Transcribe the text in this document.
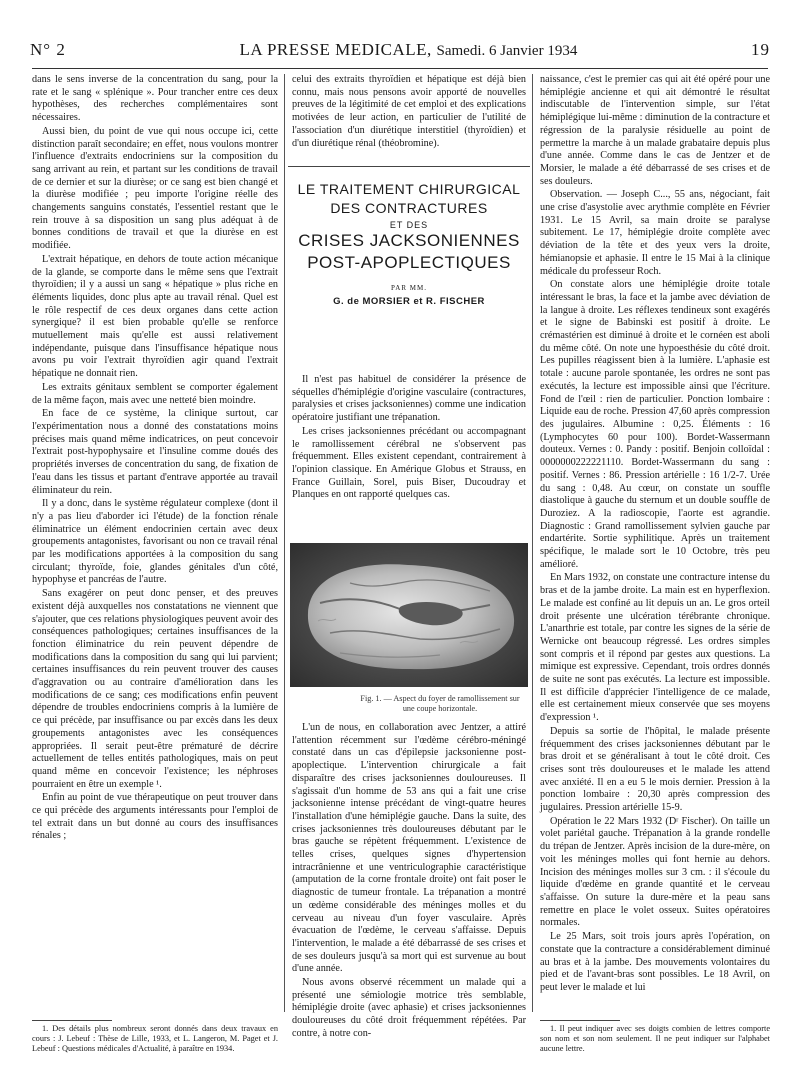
N° 2	LA PRESSE MEDICALE, Samedi. 6 Janvier 1934	19

dans le sens inverse de la concentration du sang, pour la rate et le sang « splénique ». Pour trancher entre ces deux hypothèses, des recherches complémentaires sont nécessaires.

Aussi bien, du point de vue qui nous occupe ici, cette distinction paraît secondaire; en effet, nous voulons montrer l'influence d'extraits endocriniens sur la composition du sang arrivant au rein, et partant sur les conditions de travail de ce dernier et sur la diurèse; or ce sang est bien changé et la diurèse modifiée ; peu importe l'origine réelle des changements sanguins constatés, l'essentiel restant que le rein trouve à sa disposition un sang plus adéquat à de bonnes conditions de travail et que la diurèse en est modifiée.

L'extrait hépatique, en dehors de toute action mécanique de la glande, se comporte dans le même sens que l'extrait thyroïdien; il y a aussi un sang « hépatique » plus riche en éléments liquides, donc plus apte au travail rénal. Quel est le rôle respectif de ces deux organes dans cette action synergique? il est bien probable qu'elle se renforce mutuellement mais qu'elle est aussi relativement indépendante, puisque dans l'insuffisance hépatique nous avons pu voir l'extrait thyroïdien agir quand l'extrait hépatique ne donnait rien.

Les extraits génitaux semblent se comporter également de la même façon, mais avec une netteté bien moindre.

En face de ce système, la clinique surtout, car l'expérimentation nous a donné des constatations moins précises mais quand même indicatrices, on peut concevoir l'extrait post-hypophysaire et l'insuline comme doués des propriétés inverses de concentration du sang, de fixation de l'eau dans les tissus et partant d'entrave apportée au travail éliminateur du rein.

Il y a donc, dans le système régulateur complexe (dont il n'y a pas lieu d'aborder ici l'étude) de la fonction rénale éliminatrice un élément endocrinien certain avec deux groupements antagonistes, favorisant ou non ce travail rénal par les modifications apportées à la composition du sang circulant; thyroïde, foie, glandes génitales d'un côté, hypophyse et pancréas de l'autre.

Sans exagérer on peut donc penser, et des preuves existent déjà auxquelles nos constatations ne viennent que s'ajouter, que ces relations physiologiques peuvent avoir des conséquences pathologiques; certaines insuffisances de la fonction éliminatrice du rein peuvent dépendre de modifications dans la composition du sang qui lui parvient; certaines insuffisances du rein peuvent trouver des causes d'aggravation ou au contraire d'amélioration dans les modifications de ce sang; ces modifications enfin peuvent dépendre de troubles endocriniens compris à la lumière de ce qui précède, par insuffisance ou par excès dans les deux groupements antagonistes avec les conséquences appropriées. Il serait peut-être prématuré de décrire actuellement de telles entités pathologiques, mais on peut quand même en concevoir l'existence; les néphroses pourraient en être un exemple ¹.

Enfin au point de vue thérapeutique on peut trouver dans ce qui précède des arguments intéressants pour l'emploi de tel extrait dans un but donné au cours des insuffisances rénales ;

1. Des détails plus nombreux seront donnés dans deux travaux en cours : J. Lebeuf : Thèse de Lille, 1933, et L. Langeron, M. Paget et J. Lebeuf : Questions médicales d'Actualité, à paraître en 1934.

celui des extraits thyroïdien et hépatique est déjà bien connu, mais nous pensons avoir apporté de nouvelles preuves de la légitimité de cet emploi et des explications motivées de leur action, en particulier de l'utilité de l'association d'un diurétique interstitiel (thyroïdien) et d'un diurétique rénal (théobromine).

LE TRAITEMENT CHIRURGICAL
DES CONTRACTURES
ET DES
CRISES JACKSONIENNES
POST-APOPLECTIQUES
PAR MM.
G. de MORSIER et R. FISCHER

Il n'est pas habituel de considérer la présence de séquelles d'hémiplégie d'origine vasculaire (contractures, paralysies et crises jacksoniennes) comme une indication opératoire justifiant une trépanation.

Les crises jacksoniennes précédant ou accompagnant le ramollissement cérébral ne s'observent pas fréquemment. Elles existent cependant, contrairement à l'opinion classique. En Amérique Globus et Strauss, en France Guillain, Sorel, puis Biser, Ducoudray et Planques en ont rapporté quelques cas.

Fig. 1. — Aspect du foyer de ramollissement sur une coupe horizontale.

L'un de nous, en collaboration avec Jentzer, a attiré l'attention récemment sur l'œdème cérébro-méningé constaté dans un cas d'épilepsie jacksonienne post-apoplectique. L'intervention chirurgicale a fait disparaître des crises jacksoniennes douloureuses. Il s'agissait d'un homme de 53 ans qui a fait une crise jacksonienne intense précédant de vingt-quatre heures l'installation d'une hémiplégie gauche. Dans la suite, des crises jacksoniennes très douloureuses débutant par le bras gauche se répètent fréquemment. L'existence de telles crises, quelques signes d'hypertension intracrânienne et une ventriculographie caractéristique (amputation de la corne frontale droite) ont fait poser le diagnostic de tumeur frontale. La trépanation a montré un œdème considérable des méninges molles et du cerveau au niveau d'un foyer vasculaire. Après évacuation de l'œdème, le cerveau s'affaisse. Depuis l'intervention, le malade a été débarrassé de ses crises et de ses douleurs jusqu'à sa mort qui est survenue au bout d'une année.

Nous avons observé récemment un malade qui a présenté une sémiologie motrice très semblable, hémiplégie droite (avec aphasie) et crises jacksoniennes douloureuses du côté droit fréquemment répétées. Par contre, à notre con-

naissance, c'est le premier cas qui ait été opéré pour une hémiplégie ancienne et qui ait démontré le résultat indiscutable de l'intervention simple, sur l'état hémiplégique lui-même : diminution de la contracture et régression de la paralysie résiduelle au point de permettre la marche à un malade grabataire depuis plus d'une année. Comme dans le cas de Jentzer et de Morsier, le malade a été débarrassé de ses crises et de ses douleurs.

Observation. — Joseph C..., 55 ans, négociant, fait une crise d'asystolie avec arythmie complète en Février 1931. Le 15 Avril, sa main droite se paralyse subitement. Le 17, hémiplégie droite complète avec déviation de la tête et des yeux vers la droite, hémianopsie et aphasie. Il entre le 15 Mai à la clinique médicale du professeur Roch.

On constate alors une hémiplégie droite totale intéressant le bras, la face et la jambe avec déviation de la langue à droite. Les réflexes tendineux sont exagérés et le signe de Babinski est positif à droite. Le crémastérien est diminué à droite et le cornéen est aboli du même côté. On note une hypoesthésie du côté droit. Les pupilles réagissent bien à la lumière. L'aphasie est totale : aucune parole spontanée, les ordres ne sont pas exécutés, la lecture est impossible ainsi que l'écriture. Fond de l'œil : rien de particulier. Ponction lombaire : Liquide eau de roche. Pression 47,60 après compression des jugulaires. Albumine : 0,25. Éléments : 16 (Lymphocytes 60 pour 100). Bordet-Wassermann douteux. Vernes : 0. Pandy : positif. Benjoin colloïdal : 0000000222221110. Bordet-Wassermann du sang : positif. Vernes : 86. Pression artérielle : 16 1/2-7. Urée du sang : 0,48. Au cœur, on constate un souffle diastolique à gauche du sternum et un double souffle de Duroziez. A la radioscopie, l'aorte est agrandie. Diagnostic : Grand ramollissement sylvien gauche par endartérite. Sortie syphilitique. Après un traitement spécifique, le malade sort le 10 Octobre, très peu amélioré.

En Mars 1932, on constate une contracture intense du bras et de la jambe droite. La main est en hyperflexion. Le malade est confiné au lit depuis un an. Le gros orteil droit présente une ulcération térébrante chronique. L'anarthrie est totale, par contre les signes de la série de Wernicke ont beaucoup régressé. Les ordres simples sont compris et il répond par gestes aux questions. La mimique est expressive. Cependant, trois ordres donnés de suite ne sont pas exécutés. La lecture est impossible. Il est difficile d'apprécier l'intelligence de ce malade, elle est certainement mieux conservée que ses moyens d'expression ¹.

Depuis sa sortie de l'hôpital, le malade présente fréquemment des crises jacksoniennes débutant par le bras droit et se généralisant à tout le côté droit. Ces crises sont très douloureuses et le malade les attend avec anxiété. Il en a eu 5 le mois dernier. Pression à la ponction lombaire : 20,30 après compression des jugulaires. Pression artérielle 15-9.

Opération le 22 Mars 1932 (Dʳ Fischer). On taille un volet pariétal gauche. Trépanation à la grande rondelle du trépan de Jentzer. Après incision de la dure-mère, on voit les méninges molles qui font hernie au dehors. Incision des méninges molles sur 3 cm. : il s'écoule du liquide d'œdème en grande quantité et le cerveau s'affaisse. On suture la dure-mère et la peau sans remettre en place le volet osseux. Suites opératoires normales.

Le 25 Mars, soit trois jours après l'opération, on constate que la contracture a considérablement diminué au bras et à la jambe. Des mouvements volontaires du pied et de l'avant-bras sont possibles. Le 18 Avril, on peut lever le malade et lui

1. Il peut indiquer avec ses doigts combien de lettres comporte son nom et son nom seulement. Il ne peut indiquer sur l'alphabet aucune lettre.
